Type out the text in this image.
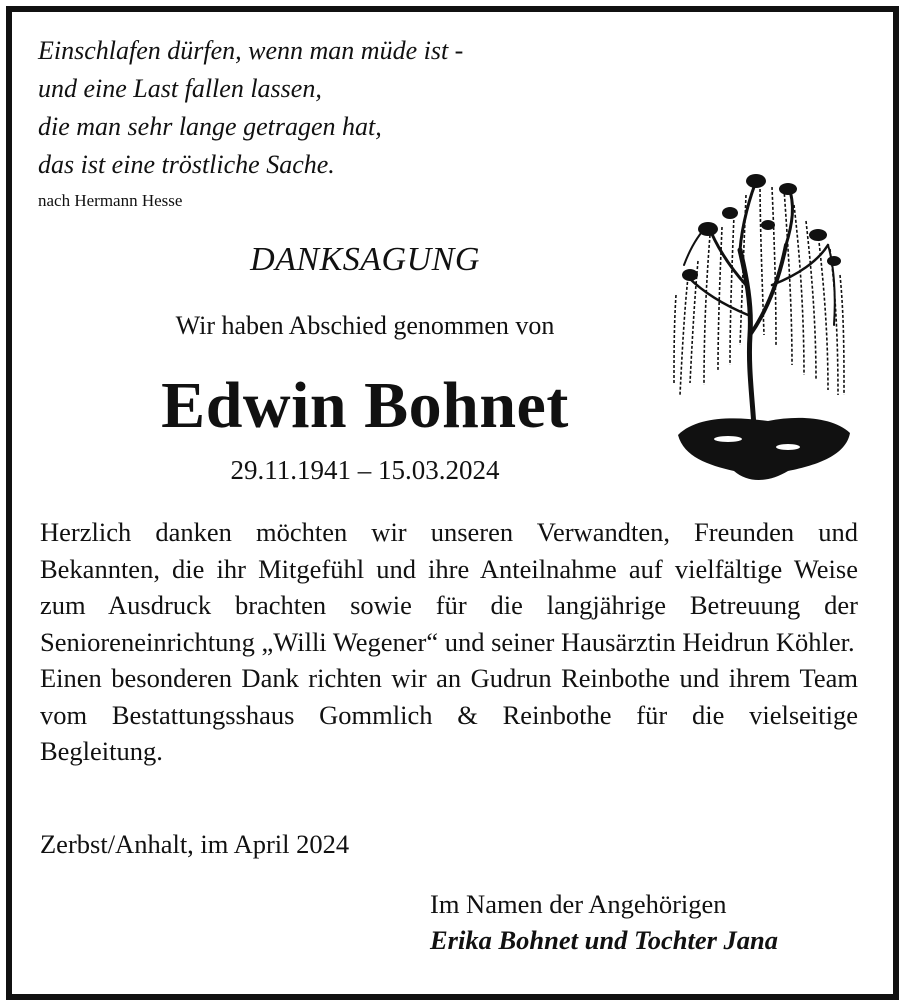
Einschlafen dürfen, wenn man müde ist -
und eine Last fallen lassen,
die man sehr lange getragen hat,
das ist eine tröstliche Sache.
nach Hermann Hesse
DANKSAGUNG
Wir haben Abschied genommen von
Edwin Bohnet
29.11.1941 – 15.03.2024

Herzlich danken möchten wir unseren Verwandten, Freunden und Bekannten, die ihr Mitgefühl und ihre Anteilnahme auf vielfältige Weise zum Ausdruck brachten sowie für die langjährige Betreuung der Senioreneinrichtung „Willi Wegener“ und seiner Hausärztin Heidrun Köhler.

Einen besonderen Dank richten wir an Gudrun Reinbothe und ihrem Team vom Bestattungsshaus Gommlich & Reinbothe für die vielseitige Begleitung.

Zerbst/Anhalt, im April 2024
Im Namen der Angehörigen
Erika Bohnet und Tochter Jana
